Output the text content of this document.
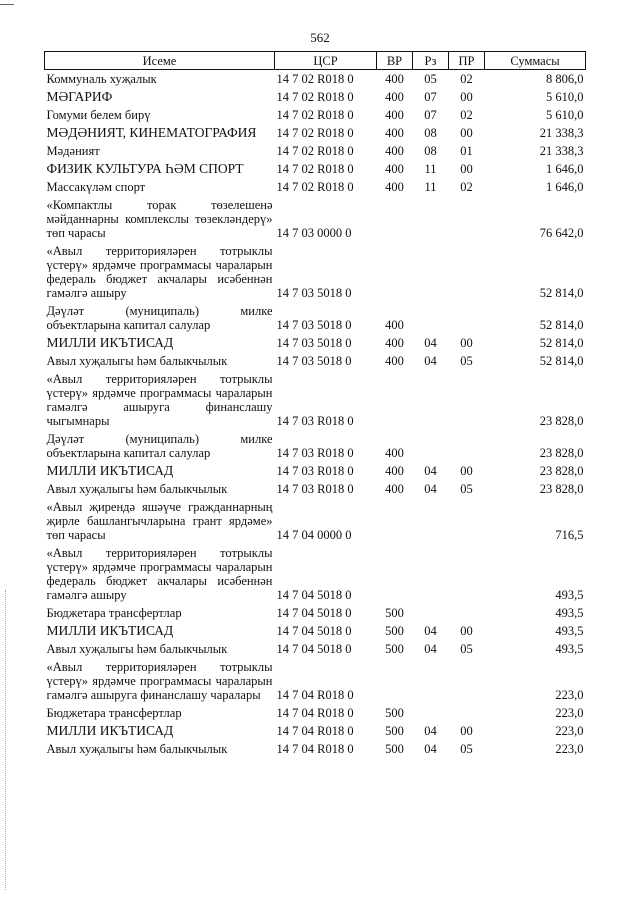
562
Исеме	ЦСР	ВР	Рз	ПР	Суммасы
Коммуналь хуҗалык	14 7 02 R018 0	400	05	02	8 806,0
МӘГАРИФ	14 7 02 R018 0	400	07	00	5 610,0
Гомуми белем бирү	14 7 02 R018 0	400	07	02	5 610,0
МӘДӘНИЯТ, КИНЕМАТОГРАФИЯ	14 7 02 R018 0	400	08	00	21 338,3
Мәдәният	14 7 02 R018 0	400	08	01	21 338,3
ФИЗИК КУЛЬТУРА ҺӘМ СПОРТ	14 7 02 R018 0	400	11	00	1 646,0
Массакүләм спорт	14 7 02 R018 0	400	11	02	1 646,0
«Компактлы торак төзелешенә мәйданнарны комплекслы төзекләндерү» төп чарасы	14 7 03 0000 0				76 642,0
«Авыл территорияләрен тотрыклы үстерү» ярдәмче программасы чараларын федераль бюджет акчалары исәбеннән гамәлгә ашыру	14 7 03 5018 0				52 814,0
Дәүләт (муниципаль) милке объектларына капитал салулар	14 7 03 5018 0	400			52 814,0
МИЛЛИ ИКЪТИСАД	14 7 03 5018 0	400	04	00	52 814,0
Авыл хуҗалыгы һәм балыкчылык	14 7 03 5018 0	400	04	05	52 814,0
«Авыл территорияләрен тотрыклы үстерү» ярдәмче программасы чараларын гамәлгә ашыруга финанслашу чыгымнары	14 7 03 R018 0				23 828,0
Дәүләт (муниципаль) милке объектларына капитал салулар	14 7 03 R018 0	400			23 828,0
МИЛЛИ ИКЪТИСАД	14 7 03 R018 0	400	04	00	23 828,0
Авыл хуҗалыгы һәм балыкчылык	14 7 03 R018 0	400	04	05	23 828,0
«Авыл җирендә яшәүче гражданнарның җирле башлангычларына грант ярдәме» төп чарасы	14 7 04 0000 0				716,5
«Авыл территорияләрен тотрыклы үстерү» ярдәмче программасы чараларын федераль бюджет акчалары исәбеннән гамәлгә ашыру	14 7 04 5018 0				493,5
Бюджетара трансфертлар	14 7 04 5018 0	500			493,5
МИЛЛИ ИКЪТИСАД	14 7 04 5018 0	500	04	00	493,5
Авыл хуҗалыгы һәм балыкчылык	14 7 04 5018 0	500	04	05	493,5
«Авыл территорияләрен тотрыклы үстерү» ярдәмче программасы чараларын гамәлгә ашыруга финанслашу чаралары	14 7 04 R018 0				223,0
Бюджетара трансфертлар	14 7 04 R018 0	500			223,0
МИЛЛИ ИКЪТИСАД	14 7 04 R018 0	500	04	00	223,0
Авыл хуҗалыгы һәм балыкчылык	14 7 04 R018 0	500	04	05	223,0
